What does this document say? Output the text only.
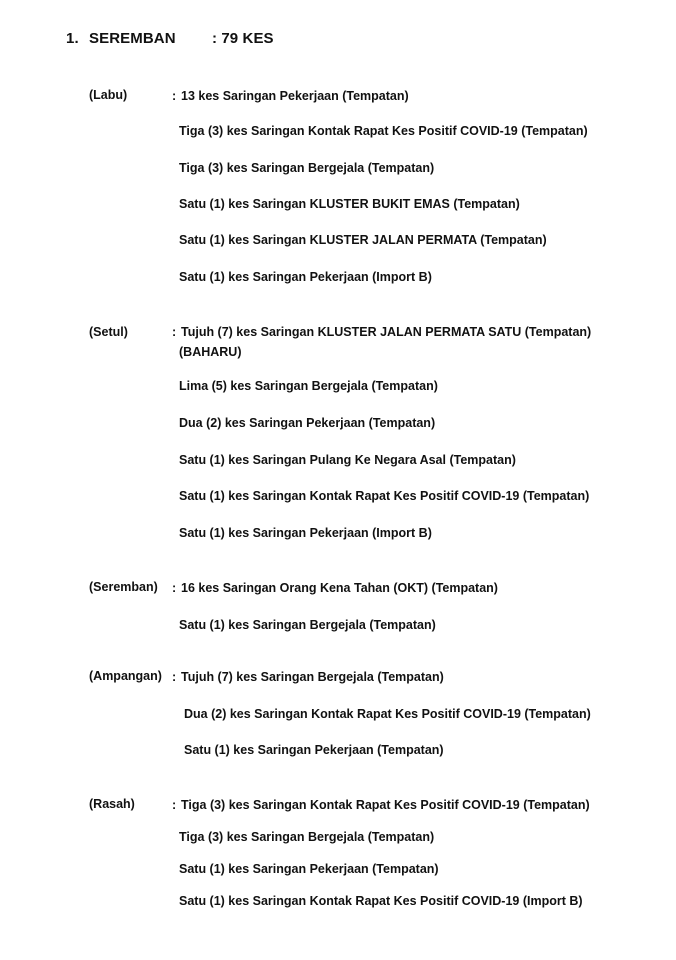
1. SEREMBAN : 79 KES
(Labu)	: 13 kes Saringan Pekerjaan (Tempatan)
Tiga (3) kes Saringan Kontak Rapat Kes Positif COVID-19 (Tempatan)
Tiga (3) kes Saringan Bergejala (Tempatan)
Satu (1) kes Saringan KLUSTER BUKIT EMAS (Tempatan)
Satu (1) kes Saringan KLUSTER JALAN PERMATA (Tempatan)
Satu (1) kes Saringan Pekerjaan (Import B)
(Setul)	: Tujuh (7) kes Saringan KLUSTER JALAN PERMATA SATU (Tempatan)
(BAHARU)
Lima (5) kes Saringan Bergejala (Tempatan)
Dua (2) kes Saringan Pekerjaan (Tempatan)
Satu (1) kes Saringan Pulang Ke Negara Asal (Tempatan)
Satu (1) kes Saringan Kontak Rapat Kes Positif COVID-19 (Tempatan)
Satu (1) kes Saringan Pekerjaan (Import B)
(Seremban) : 16 kes Saringan Orang Kena Tahan (OKT) (Tempatan)
Satu (1) kes Saringan Bergejala (Tempatan)
(Ampangan) : Tujuh (7) kes Saringan Bergejala (Tempatan)
Dua (2) kes Saringan Kontak Rapat Kes Positif COVID-19 (Tempatan)
Satu (1) kes Saringan Pekerjaan (Tempatan)
(Rasah)	: Tiga (3) kes Saringan Kontak Rapat Kes Positif COVID-19 (Tempatan)
Tiga (3) kes Saringan Bergejala (Tempatan)
Satu (1) kes Saringan Pekerjaan (Tempatan)
Satu (1) kes Saringan Kontak Rapat Kes Positif COVID-19 (Import B)
